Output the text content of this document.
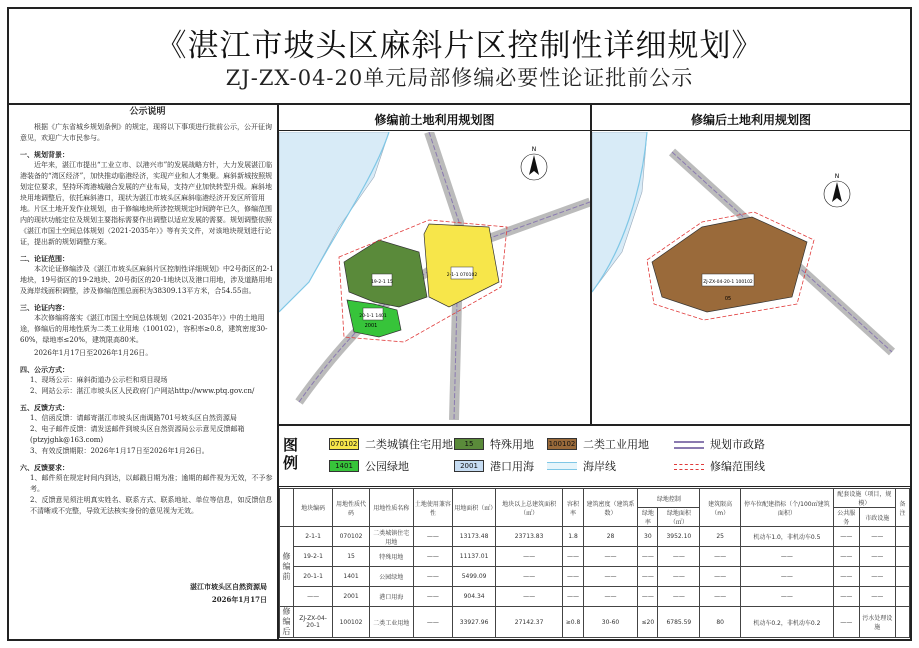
《湛江市坡头区麻斜片区控制性详细规划》
ZJ-ZX-04-20单元局部修编必要性论证批前公示
公示说明

根据《广东省城乡规划条例》的规定，现将以下事项进行批前公示，公开征询意见，欢迎广大市民参与。

一、规划背景：

近年来，湛江市提出“工业立市、以港兴市”的发展战略方针，大力发展湛江临港装备的“湾区经济”，加快推动临港经济，实现产业和人才集聚。麻斜新城按照规划定位要求，坚持环湾港城融合发展的产业布局，支持产业加快转型升级。麻斜地块用地调整后，依托麻斜港口，现状为湛江市坡头区麻斜临港经济开发区所管用地。片区土地开发作业规划，由于修编地块所涉控规规定时间跨年已久，修编范围内的现状功能定位及规划主要指标需要作出调整以适应发展的需要。规划调整依照《湛江市国土空间总体规划（2021-2035年）》等有关文件，对该地块规划进行论证，提出新的规划调整方案。

二、论证范围：

本次论证修编涉及《湛江市坡头区麻斜片区控制性详细规划》中2号街区的2-1地块，19号街区的19-2地块、20号街区的20-1地块以及港口用地，涉及道路用地及海岸线面积调整，涉及修编范围总面积为38309.13平方米，合54.55亩。

三、论证内容：

本次修编将落实《湛江市国土空间总体规划（2021-2035年）》中的土地用途，修编后的用地性质为二类工业用地（100102），容积率≥0.8，建筑密度30-60%，绿地率≤20%，建筑限高80米。

2026年1月17日至2026年1月26日。

四、公示方式：
1、现场公示：麻斜街道办公示栏和项目现场
2、网站公示：湛江市坡头区人民政府门户网站http://www.ptq.gov.cn/
五、反馈方式：
1、信函反馈：请邮寄湛江市坡头区南调路701号坡头区自然资源局
2、电子邮件反馈：请发送邮件到坡头区自然资源局公示意见反馈邮箱(ptzyjghk@163.com)
3、有效反馈期限：2026年1月17日至2026年1月26日。
六、反馈要求：
1、邮件须在规定时间内到达，以邮戳日期为准；逾期的邮件视为无效，不予参考。
2、反馈意见须注明真实姓名、联系方式、联系地址、单位等信息，如反馈信息不清晰或不完整，导致无法核实身份的意见视为无效。
湛江市坡头区自然资源局
2026年1月17日
修编前土地利用规划图	修编后土地利用规划图
2-1-1 070102
19-2-1 15
20-1-1 1401
2001
N
ZJ-ZX-04-20-1 100102
05
N
图例
070102 二类城镇住宅用地	15	特殊用地 100102 二类工业用地	规划市政路
1401	公园绿地	2001	港口用海	海岸线	修编范围线
	地块编码	用地性质代码	用地性质名称	土地使用兼容性	用地面积（㎡）	地块以上总建筑面积（㎡）	容积率	建筑密度（建筑系数）	绿地控制		建筑限高（m）	停车位配建指标（个/100㎡建筑面积）	配套设施（项目，规模）		备注
									绿地率	绿地面积（㎡）			公共服务	市政设施	
修编前	2-1-1	070102	二类城镇住宅用地	——	13173.48	23713.83	1.8	28	30	3952.10	25	机动车1.0，非机动车0.5	——	——	
	19-2-1	15	特殊用地	——	11137.01	——	——	——	——	——	——	——	——	——	
	20-1-1	1401	公园绿地	——	5499.09	——	——	——	——	——	——	——	——	——	
	——	2001	港口用海	——	904.34	——	——	——	——	——	——	——	——	——	
修编后	ZJ-ZX-04-20-1	100102	二类工业用地	——	33927.96	27142.37	≥0.8	30-60	≤20	6785.59	80	机动车0.2，非机动车0.2	——	污水处理设施	
